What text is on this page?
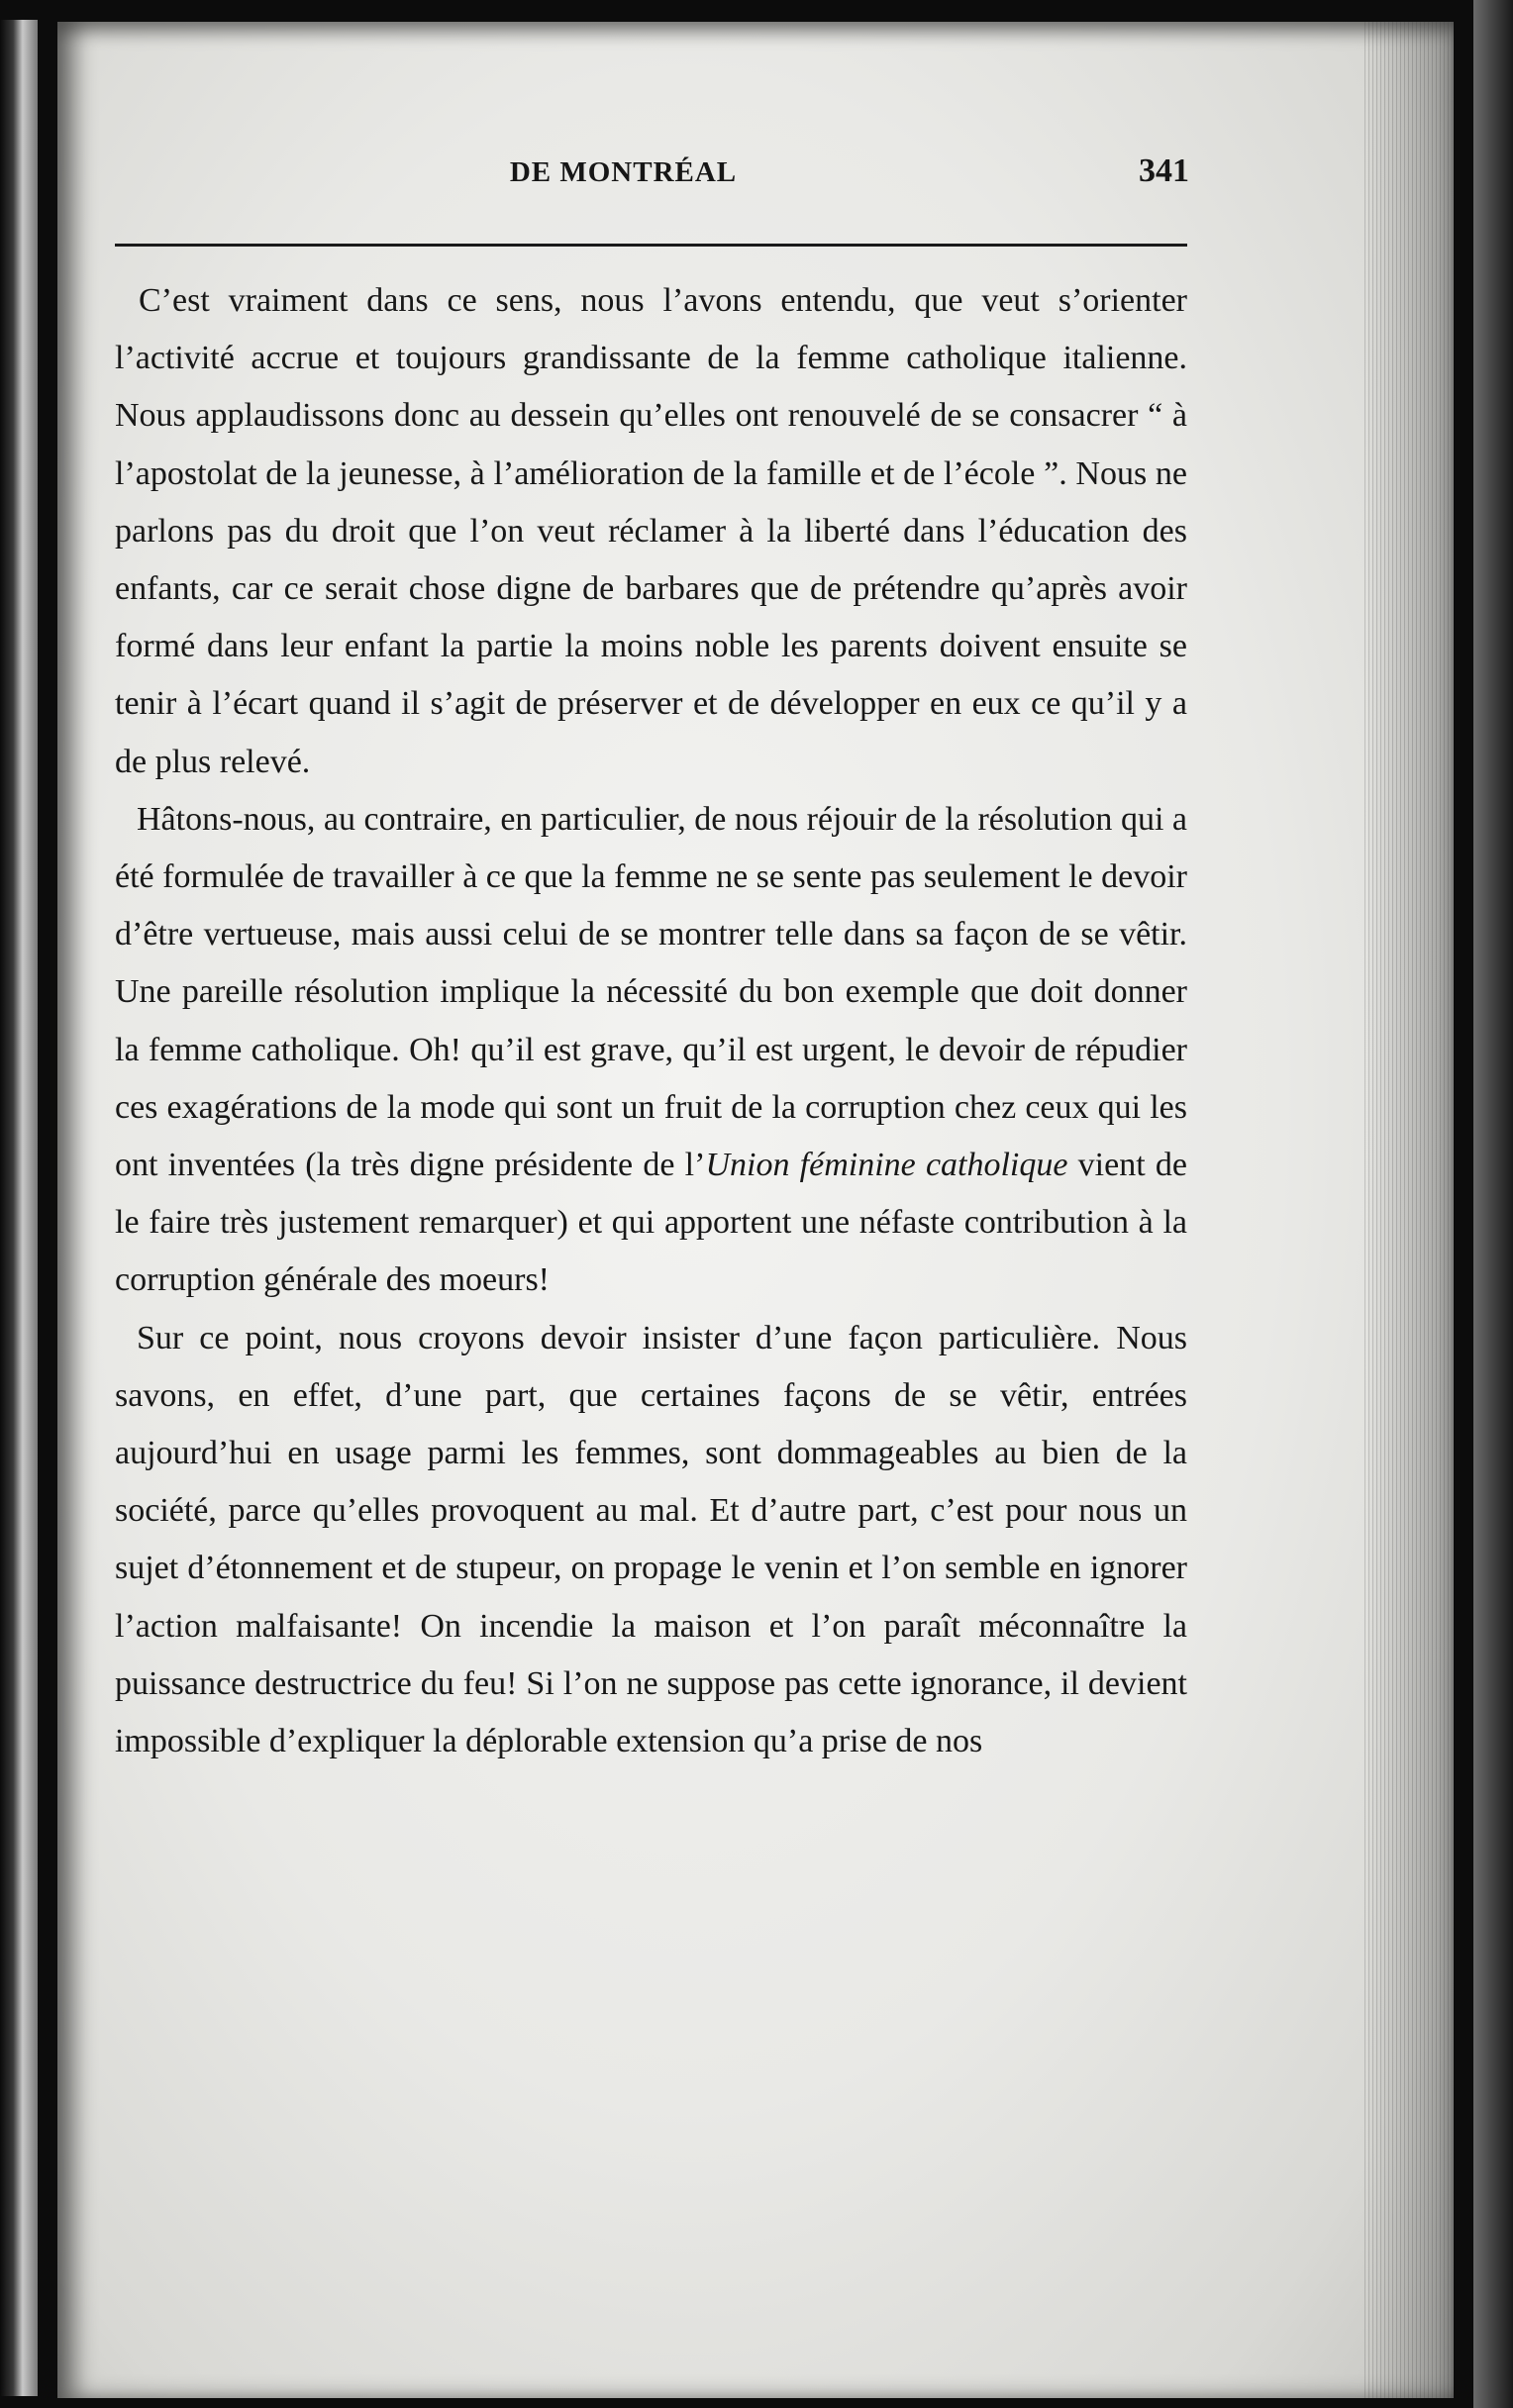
DE MONTRÉAL	341

C’est vraiment dans ce sens, nous l’avons entendu, que veut s’orienter l’activité accrue et toujours grandissante de la femme catholique italienne. Nous applaudissons donc au dessein qu’elles ont renouvelé de se consacrer “ à l’apostolat de la jeunesse, à l’amélioration de la famille et de l’école ”. Nous ne parlons pas du droit que l’on veut réclamer à la liberté dans l’éducation des enfants, car ce serait chose digne de barbares que de prétendre qu’après avoir formé dans leur enfant la partie la moins noble les parents doivent ensuite se tenir à l’écart quand il s’agit de préserver et de développer en eux ce qu’il y a de plus relevé.

Hâtons-nous, au contraire, en particulier, de nous réjouir de la résolution qui a été formulée de travailler à ce que la femme ne se sente pas seulement le devoir d’être vertueuse, mais aussi celui de se montrer telle dans sa façon de se vêtir. Une pareille résolution implique la nécessité du bon exemple que doit donner la femme catholique. Oh! qu’il est grave, qu’il est urgent, le devoir de répudier ces exagérations de la mode qui sont un fruit de la corruption chez ceux qui les ont inventées (la très digne présidente de l’Union féminine catholique vient de le faire très justement remarquer) et qui apportent une néfaste contribution à la corruption générale des moeurs!

Sur ce point, nous croyons devoir insister d’une façon particulière. Nous savons, en effet, d’une part, que certaines façons de se vêtir, entrées aujourd’hui en usage parmi les femmes, sont dommageables au bien de la société, parce qu’elles provoquent au mal. Et d’autre part, c’est pour nous un sujet d’étonnement et de stupeur, on propage le venin et l’on semble en ignorer l’action malfaisante! On incendie la maison et l’on paraît méconnaître la puissance destructrice du feu! Si l’on ne suppose pas cette ignorance, il devient impossible d’expliquer la déplorable extension qu’a prise de nos
